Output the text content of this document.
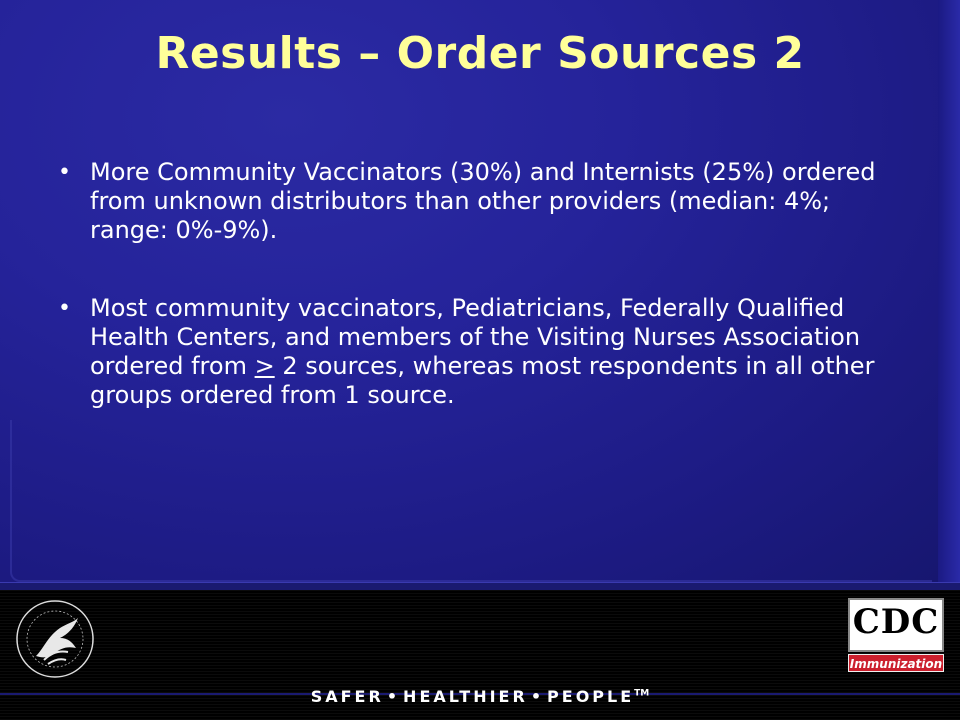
Results – Order Sources 2
• More Community Vaccinators (30%) and Internists (25%) ordered from unknown distributors than other providers (median: 4%; range: 0%-9%).
• Most community vaccinators, Pediatricians, Federally Qualified Health Centers, and members of the Visiting Nurses Association ordered from ≥ 2 sources, whereas most respondents in all other groups ordered from 1 source.
SAFER • HEALTHIER • PEOPLE™
CDC
Immunization
